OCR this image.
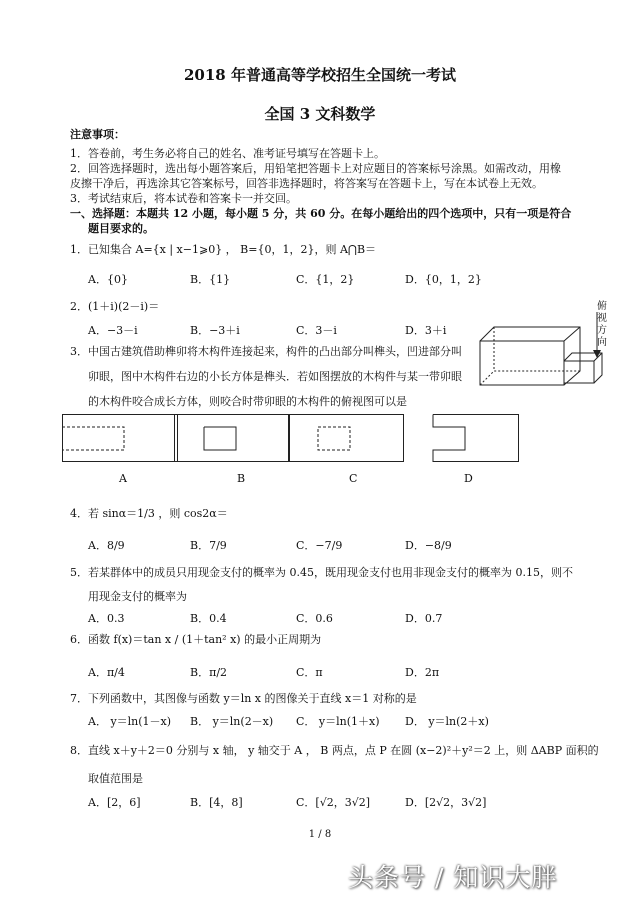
2018 年普通高等学校招生全国统一考试
全国 3 文科数学
注意事项：
1．答卷前，考生务必将自己的姓名、准考证号填写在答题卡上。
2．回答选择题时，选出每小题答案后，用铅笔把答题卡上对应题目的答案标号涂黑。如需改动，用橡
皮擦干净后，再选涂其它答案标号，回答非选择题时，将答案写在答题卡上，写在本试卷上无效。
3．考试结束后，将本试卷和答案卡一并交回。
一、选择题：本题共 12 小题，每小题 5 分，共 60 分。在每小题给出的四个选项中，只有一项是符合
题目要求的。
1．已知集合 A={x | x−1⩾0} ， B={0，1，2}，则 A⋂B＝
A．{0}	B．{1}	C．{1，2}	D．{0，1，2}
2．(1＋i)(2－i)＝
A．−3－i	B．−3＋i	C．3－i	D．3＋i
3．中国古建筑借助榫卯将木构件连接起来，构件的凸出部分叫榫头，凹进部分叫
卯眼，图中木构件右边的小长方体是榫头．若如图摆放的木构件与某一带卯眼
的木构件咬合成长方体，则咬合时带卯眼的木构件的俯视图可以是
俯
视
方
向
A	B	C	D
4．若 sinα＝1/3 ，则 cos2α＝
A．8/9	B．7/9	C．−7/9	D．−8/9
5．若某群体中的成员只用现金支付的概率为 0.45，既用现金支付也用非现金支付的概率为 0.15，则不
用现金支付的概率为
A．0.3	B．0.4	C．0.6	D．0.7
6．函数 f(x)＝tan x / (1＋tan² x) 的最小正周期为
A．π/4	B．π/2	C．π	D．2π
7．下列函数中，其图像与函数 y＝ln x 的图像关于直线 x＝1 对称的是
A． y＝ln(1－x) B． y＝ln(2－x) C． y＝ln(1＋x) D． y＝ln(2＋x)
8．直线 x＋y＋2＝0 分别与 x 轴， y 轴交于 A ， B 两点，点 P 在圆 (x−2)²＋y²＝2 上，则 ΔABP 面积的
取值范围是
A．[2，6]	B．[4，8]	C．[√2，3√2]	D．[2√2，3√2]
1 / 8
头条号 / 知识大胖
